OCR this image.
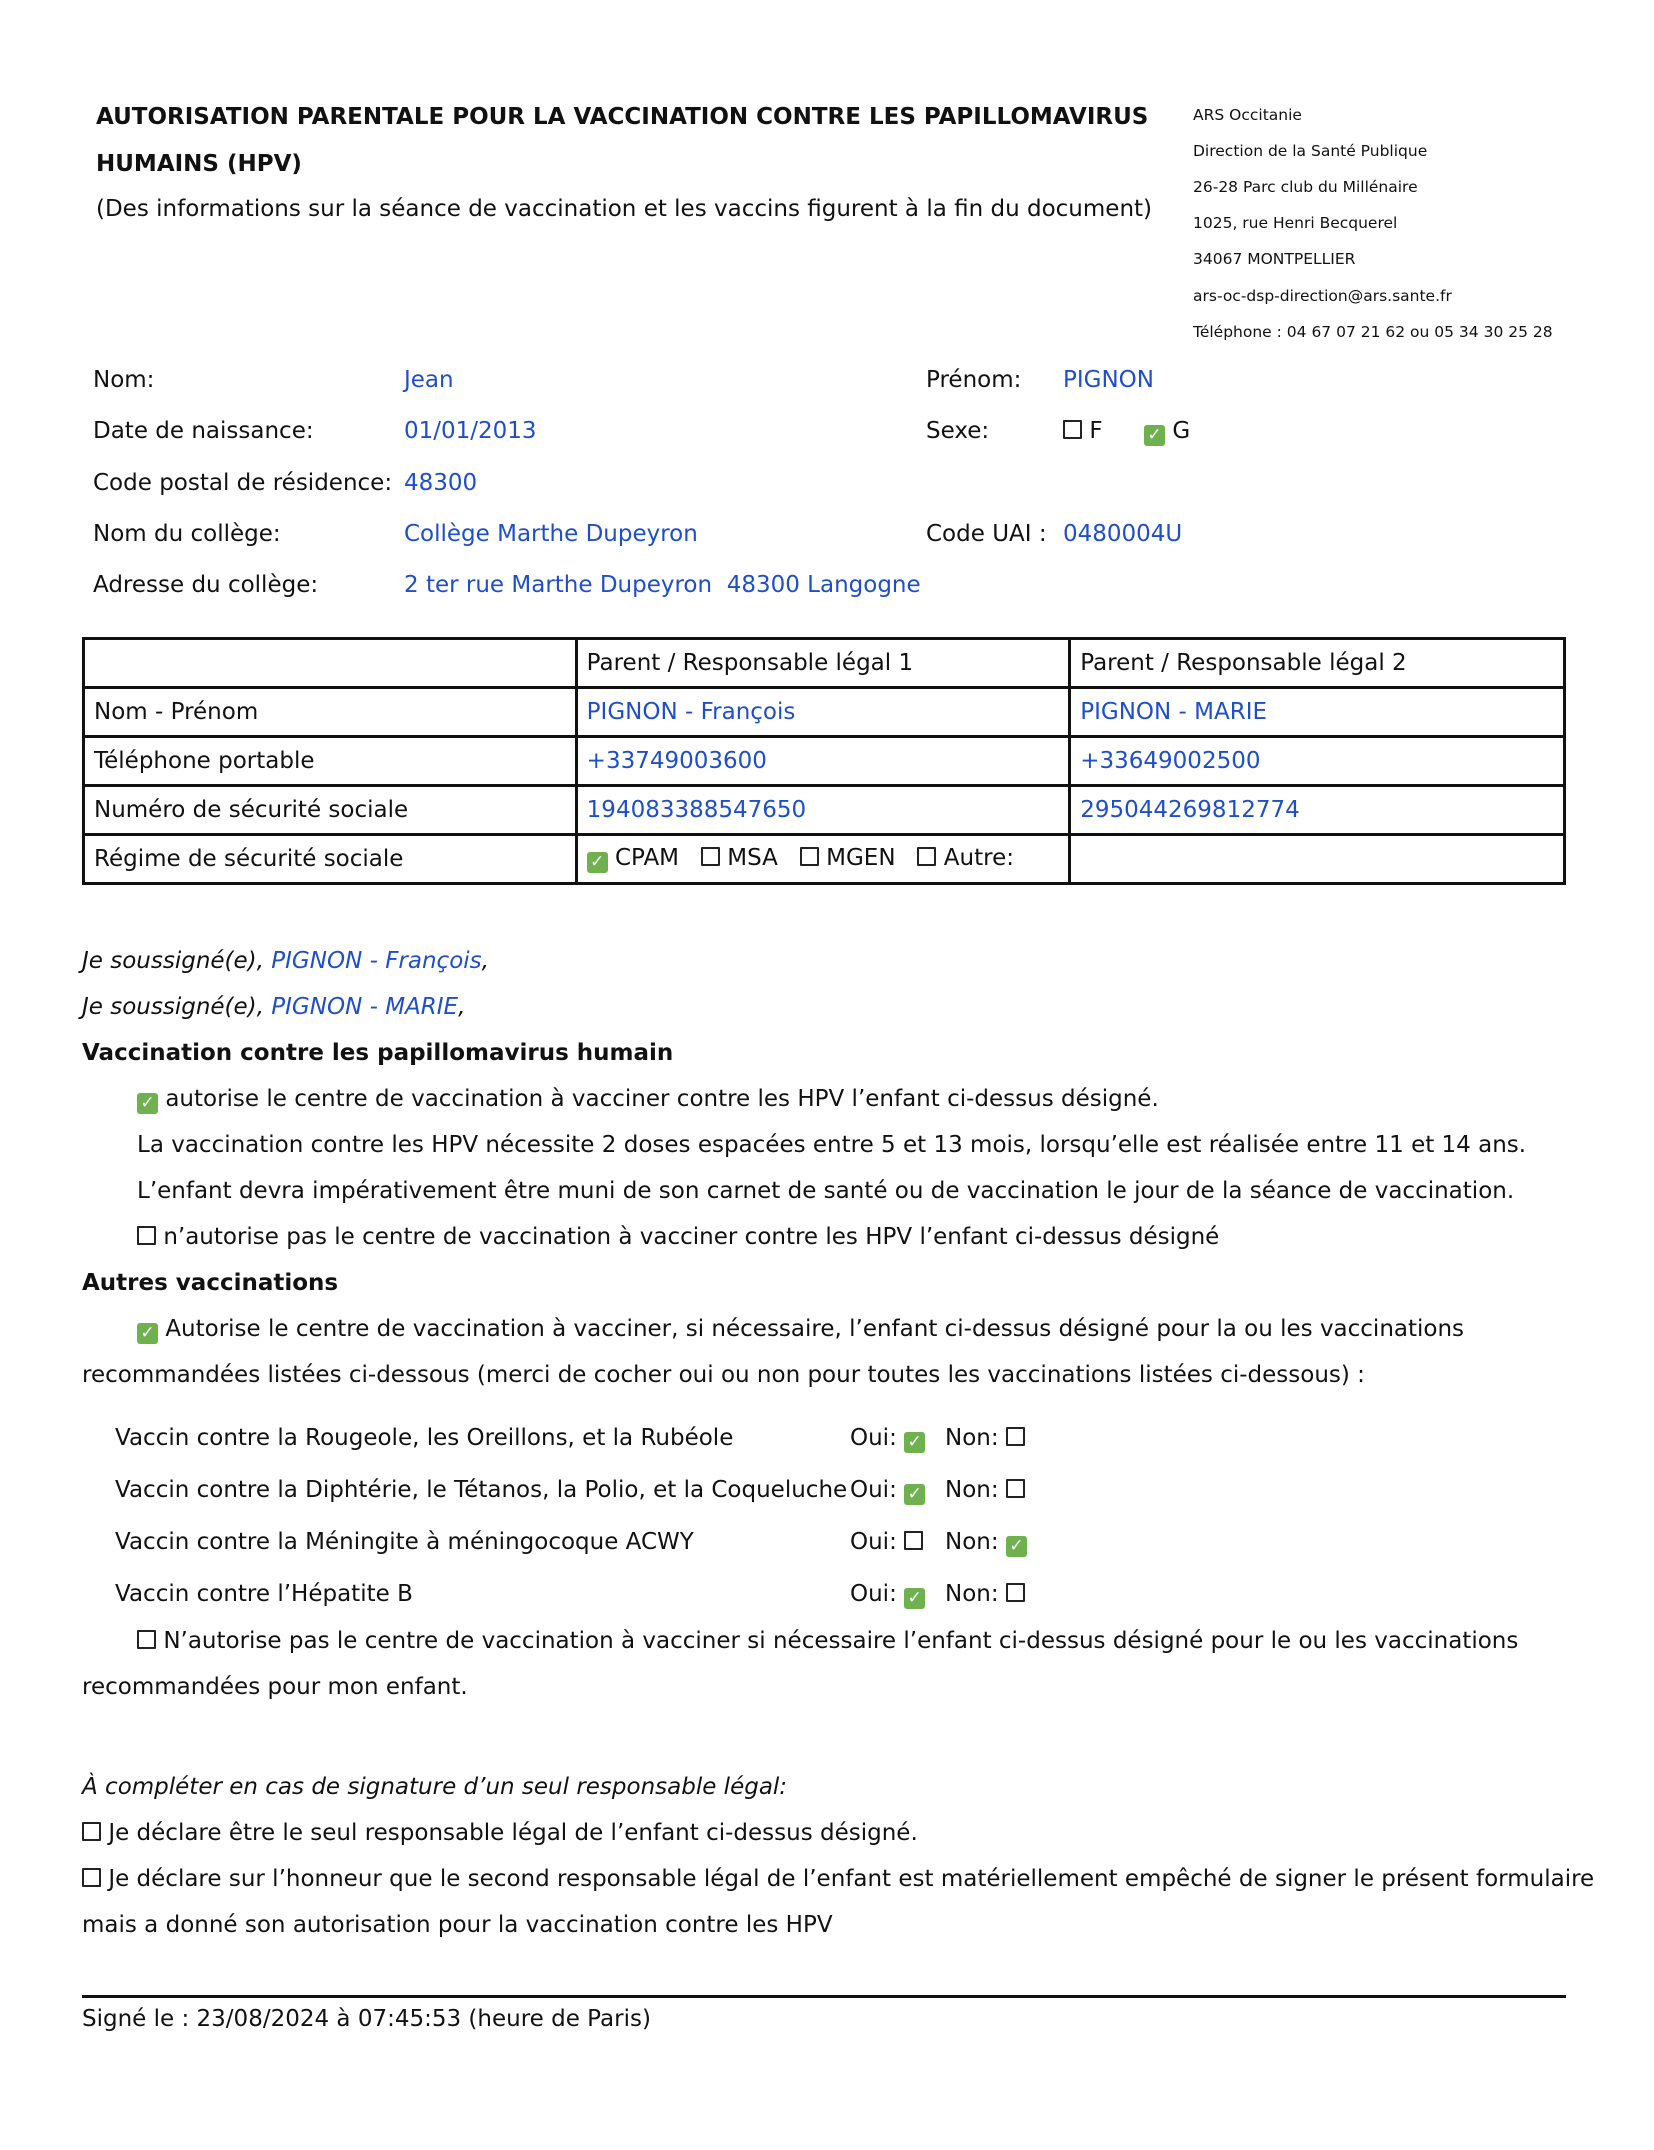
AUTORISATION PARENTALE POUR LA VACCINATION CONTRE LES PAPILLOMAVIRUS
HUMAINS (HPV)
(Des informations sur la séance de vaccination et les vaccins figurent à la fin du document)
ARS Occitanie
Direction de la Santé Publique
26-28 Parc club du Millénaire
1025, rue Henri Becquerel
34067 MONTPELLIER
ars-oc-dsp-direction@ars.sante.fr
Téléphone : 04 67 07 21 62 ou 05 34 30 25 28
Nom:	Jean	Prénom: PIGNON
Date de naissance:	01/01/2013	Sexe:	F	✓ G
Code postal de résidence: 48300
Nom du collège:	Collège Marthe Dupeyron	Code UAI : 0480004U
Adresse du collège:	2 ter rue Marthe Dupeyron  48300 Langogne
	Parent / Responsable légal 1	Parent / Responsable légal 2
Nom - Prénom	PIGNON - François	PIGNON - MARIE
Téléphone portable	+33749003600	+33649002500
Numéro de sécurité sociale	194083388547650	295044269812774
Régime de sécurité sociale	✓ CPAM MSA MGEN Autre:	
Je soussigné(e), PIGNON - François,
Je soussigné(e), PIGNON - MARIE,
Vaccination contre les papillomavirus humain
✓ autorise le centre de vaccination à vacciner contre les HPV l’enfant ci-dessus désigné.
La vaccination contre les HPV nécessite 2 doses espacées entre 5 et 13 mois, lorsqu’elle est réalisée entre 11 et 14 ans.
L’enfant devra impérativement être muni de son carnet de santé ou de vaccination le jour de la séance de vaccination.
n’autorise pas le centre de vaccination à vacciner contre les HPV l’enfant ci-dessus désigné
Autres vaccinations
✓ Autorise le centre de vaccination à vacciner, si nécessaire, l’enfant ci-dessus désigné pour la ou les vaccinations
recommandées listées ci-dessous (merci de cocher oui ou non pour toutes les vaccinations listées ci-dessous) :
Vaccin contre la Rougeole, les Oreillons, et la Rubéole	Oui: ✓ Non:
Vaccin contre la Diphtérie, le Tétanos, la Polio, et la Coqueluche Oui: ✓ Non:
Vaccin contre la Méningite à méningocoque ACWY	Oui:	Non: ✓
Vaccin contre l’Hépatite B	Oui: ✓ Non:
N’autorise pas le centre de vaccination à vacciner si nécessaire l’enfant ci-dessus désigné pour le ou les vaccinations
recommandées pour mon enfant.
À compléter en cas de signature d’un seul responsable légal:
Je déclare être le seul responsable légal de l’enfant ci-dessus désigné.
Je déclare sur l’honneur que le second responsable légal de l’enfant est matériellement empêché de signer le présent formulaire
mais a donné son autorisation pour la vaccination contre les HPV
Signé le : 23/08/2024 à 07:45:53 (heure de Paris)
